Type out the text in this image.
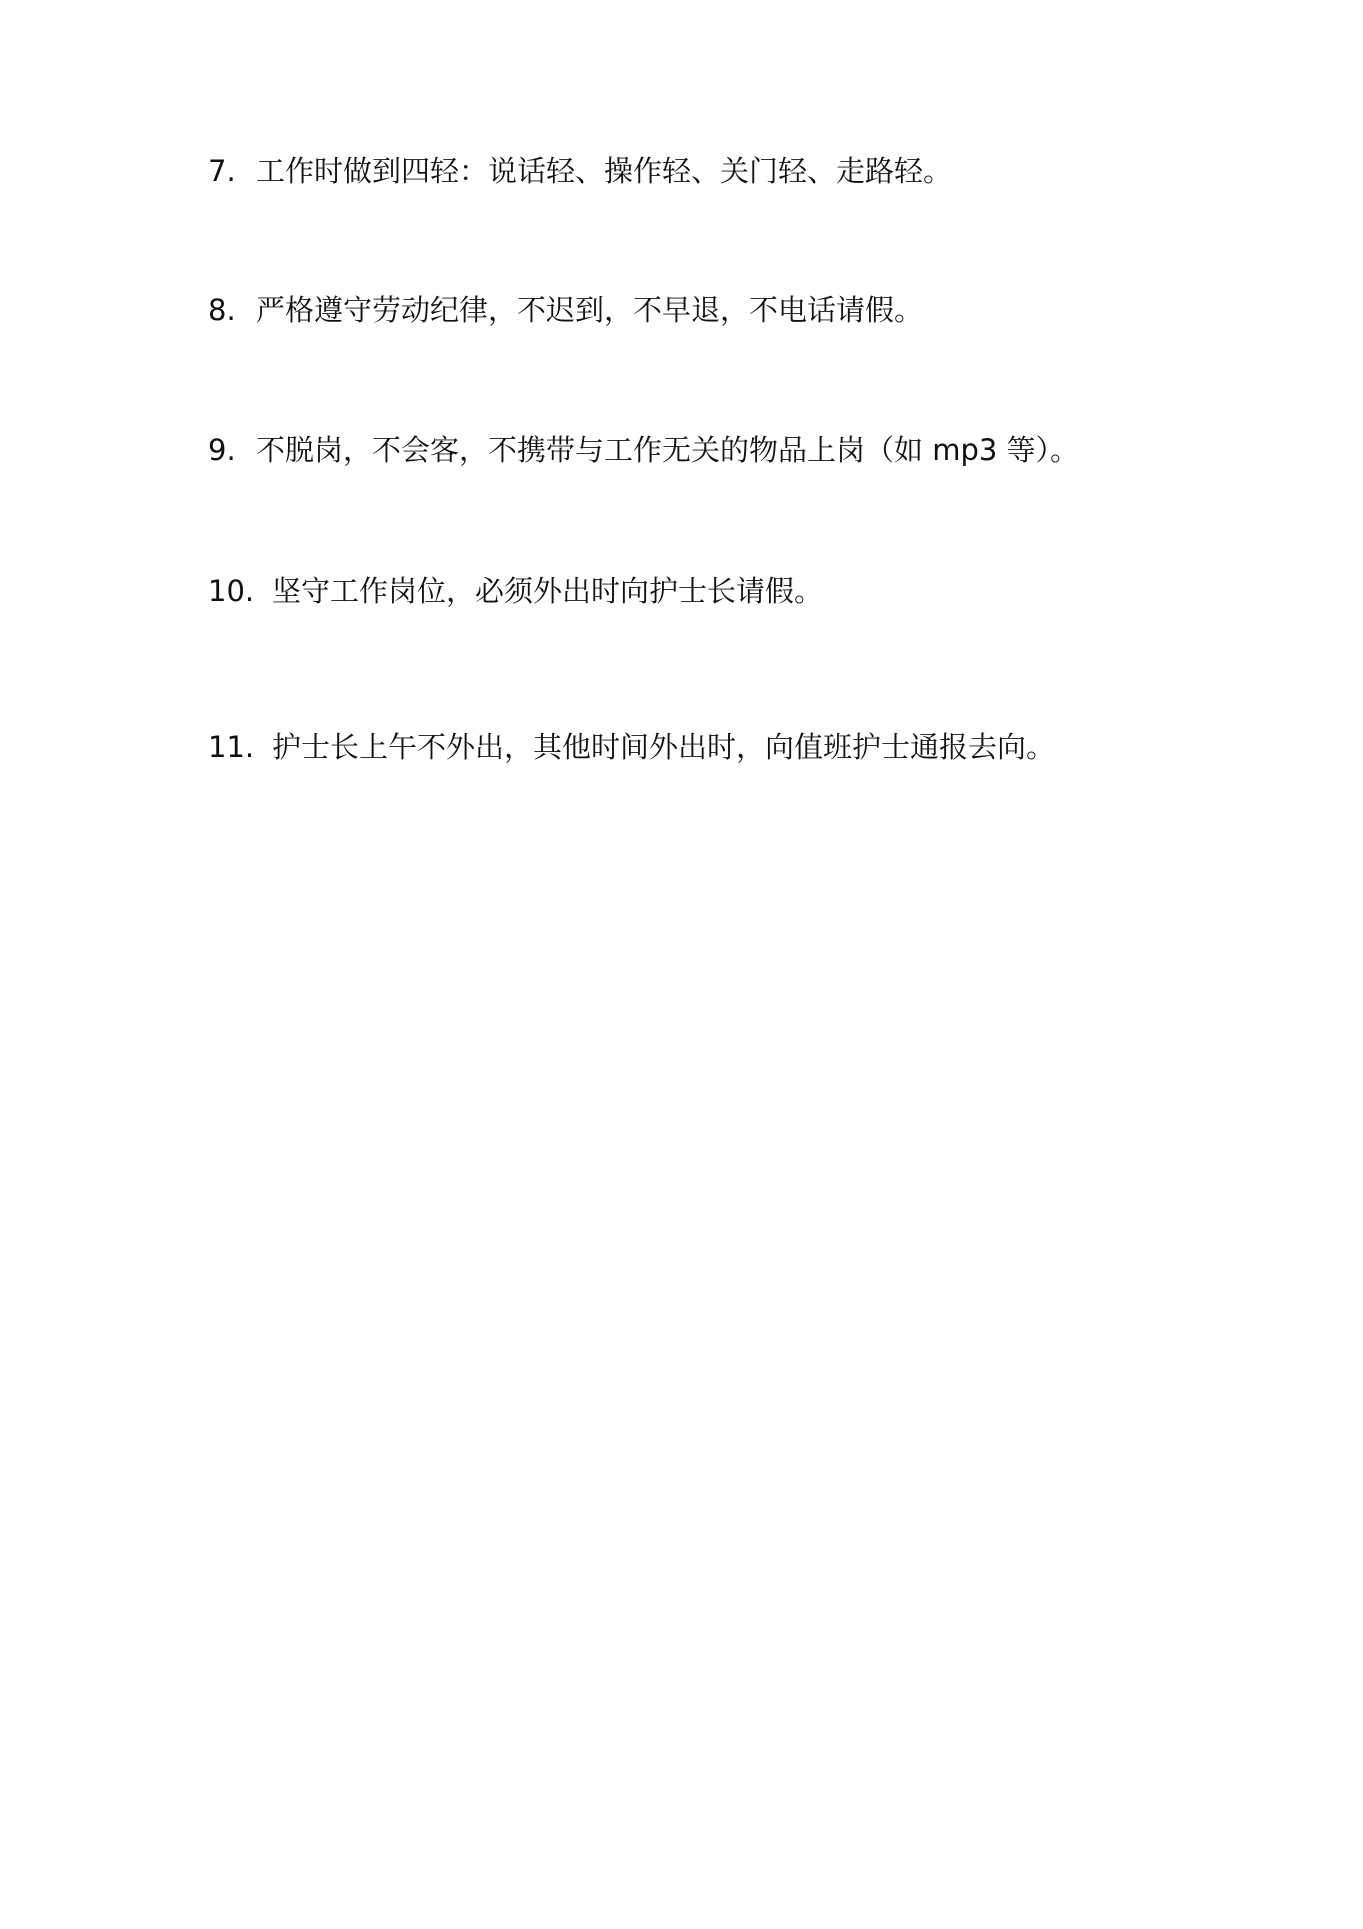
7. 工作时做到四轻：说话轻、操作轻、关门轻、走路轻。
8. 严格遵守劳动纪律，不迟到，不早退，不电话请假。
9. 不脱岗，不会客，不携带与工作无关的物品上岗（如 mp3 等）。
10. 坚守工作岗位，必须外出时向护士长请假。
11. 护士长上午不外出，其他时间外出时，向值班护士通报去向。
